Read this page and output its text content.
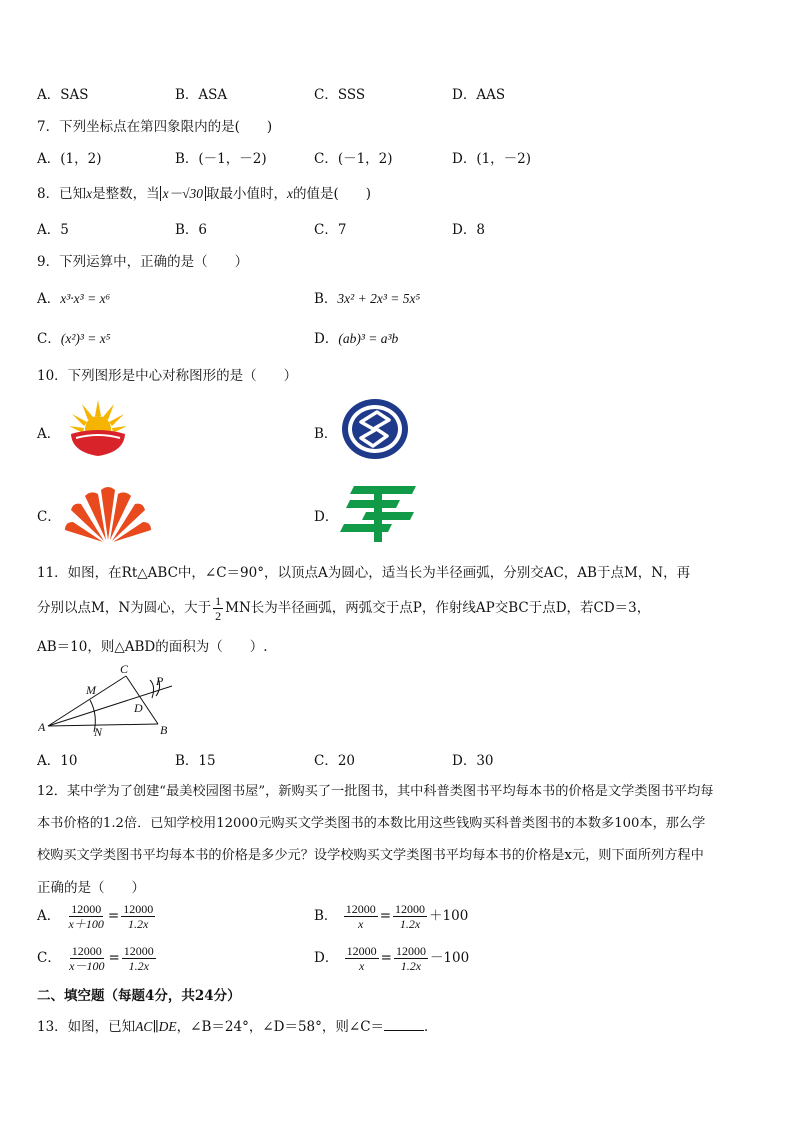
A．SAS	B．ASA	C．SSS	D．AAS
7．下列坐标点在第四象限内的是(　　)
A．(1，2)	B．(－1，－2)	C．(－1，2)	D．(1，－2)
8．已知x是整数，当 x－√30 取最小值时，x的值是(　　)
A．5	B．6	C．7	D．8
9．下列运算中，正确的是（　　）
A．x³·x³ = x⁶	B．3x² + 2x³ = 5x⁵
C．(x²)³ = x⁵	D．(ab)³ = a³b
10．下列图形是中心对称图形的是（　　）
A．	B．
C．	D．
11．如图，在Rt△ABC中，∠C＝90°，以顶点A为圆心，适当长为半径画弧，分别交AC，AB于点M，N，再
分别以点M，N为圆心，大于 $\frac{1}{2}$ MN长为半径画弧，两弧交于点P，作射线AP交BC于点D，若CD＝3，
AB＝10，则△ABD的面积为（　　）.
C
M
A	N
D
B
P
A．10	B．15	C．20	D．30
12．某中学为了创建“最美校园图书屋”，新购买了一批图书，其中科普类图书平均每本书的价格是文学类图书平均每
本书价格的1.2倍．已知学校用12000元购买文学类图书的本数比用这些钱购买科普类图书的本数多100本，那么学
校购买文学类图书平均每本书的价格是多少元？设学校购买文学类图书平均每本书的价格是x元，则下面所列方程中
正确的是（　　）
A． $\frac{12000}{x+100} = \frac{12000}{1.2x}$	B． $\frac{12000}{x} = \frac{12000}{1.2x} +100$
C． $\frac{12000}{x-100} = \frac{12000}{1.2x}$	D． $\frac{12000}{x} = \frac{12000}{1.2x} -100$
二、填空题（每题4分，共24分）
13．如图，已知AC∥DE，∠B＝24°，∠D＝58°，则∠C＝	．
